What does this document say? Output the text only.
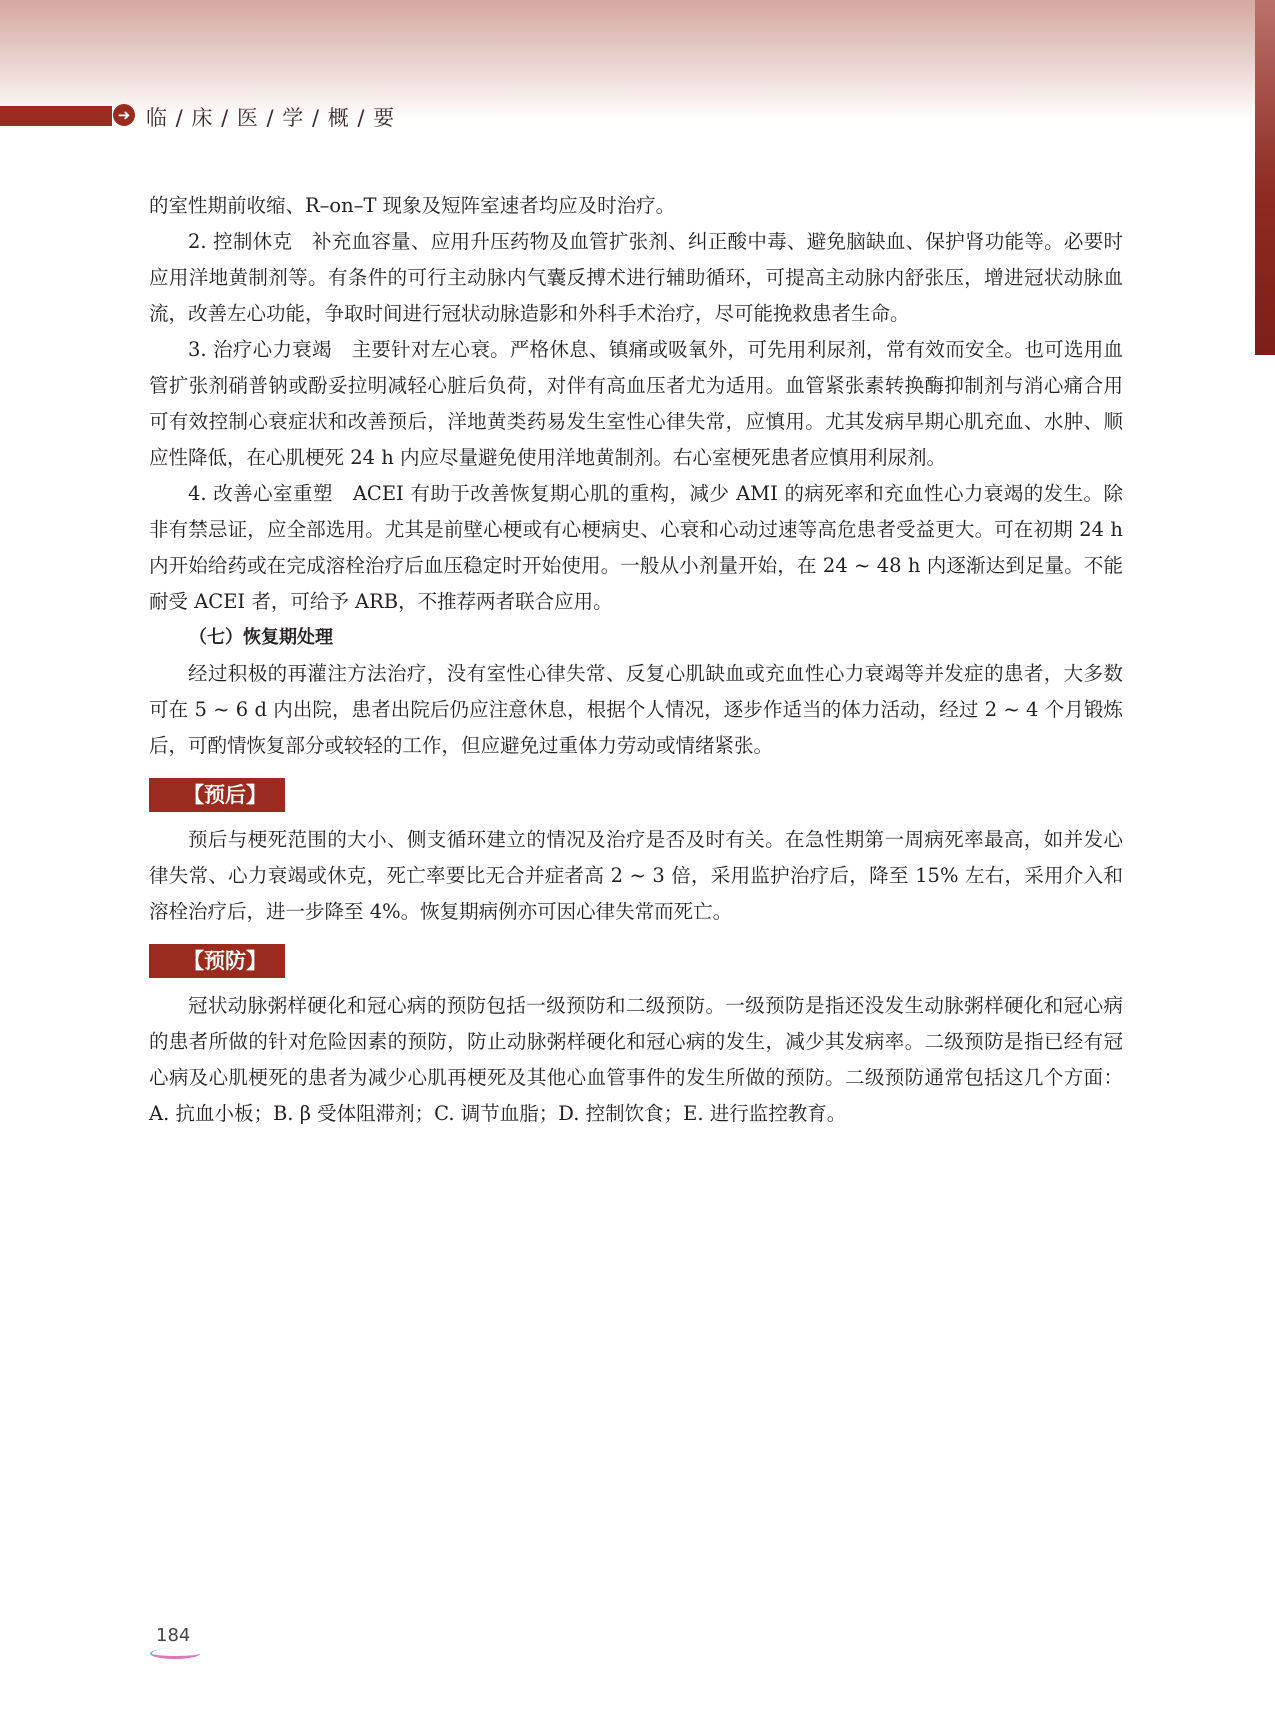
➜ 临 / 床 / 医 / 学 / 概 / 要

的室性期前收缩、R–on–T 现象及短阵室速者均应及时治疗。

2. 控制休克　补充血容量、应用升压药物及血管扩张剂、纠正酸中毒、避免脑缺血、保护肾功能等。必要时应用洋地黄制剂等。有条件的可行主动脉内气囊反搏术进行辅助循环，可提高主动脉内舒张压，增进冠状动脉血流，改善左心功能，争取时间进行冠状动脉造影和外科手术治疗，尽可能挽救患者生命。

3. 治疗心力衰竭　主要针对左心衰。严格休息、镇痛或吸氧外，可先用利尿剂，常有效而安全。也可选用血管扩张剂硝普钠或酚妥拉明减轻心脏后负荷，对伴有高血压者尤为适用。血管紧张素转换酶抑制剂与消心痛合用可有效控制心衰症状和改善预后，洋地黄类药易发生室性心律失常，应慎用。尤其发病早期心肌充血、水肿、顺应性降低，在心肌梗死 24 h 内应尽量避免使用洋地黄制剂。右心室梗死患者应慎用利尿剂。

4. 改善心室重塑　ACEI 有助于改善恢复期心肌的重构，减少 AMI 的病死率和充血性心力衰竭的发生。除非有禁忌证，应全部选用。尤其是前壁心梗或有心梗病史、心衰和心动过速等高危患者受益更大。可在初期 24 h 内开始给药或在完成溶栓治疗后血压稳定时开始使用。一般从小剂量开始，在 24 ~ 48 h 内逐渐达到足量。不能耐受 ACEI 者，可给予 ARB，不推荐两者联合应用。

（七）恢复期处理

经过积极的再灌注方法治疗，没有室性心律失常、反复心肌缺血或充血性心力衰竭等并发症的患者，大多数可在 5 ~ 6 d 内出院，患者出院后仍应注意休息，根据个人情况，逐步作适当的体力活动，经过 2 ~ 4 个月锻炼后，可酌情恢复部分或较轻的工作，但应避免过重体力劳动或情绪紧张。

【预后】

预后与梗死范围的大小、侧支循环建立的情况及治疗是否及时有关。在急性期第一周病死率最高，如并发心律失常、心力衰竭或休克，死亡率要比无合并症者高 2 ~ 3 倍，采用监护治疗后，降至 15% 左右，采用介入和溶栓治疗后，进一步降至 4%。恢复期病例亦可因心律失常而死亡。

【预防】

冠状动脉粥样硬化和冠心病的预防包括一级预防和二级预防。一级预防是指还没发生动脉粥样硬化和冠心病的患者所做的针对危险因素的预防，防止动脉粥样硬化和冠心病的发生，减少其发病率。二级预防是指已经有冠心病及心肌梗死的患者为减少心肌再梗死及其他心血管事件的发生所做的预防。二级预防通常包括这几个方面：A. 抗血小板；B. β 受体阻滞剂；C. 调节血脂；D. 控制饮食；E. 进行监控教育。

184
